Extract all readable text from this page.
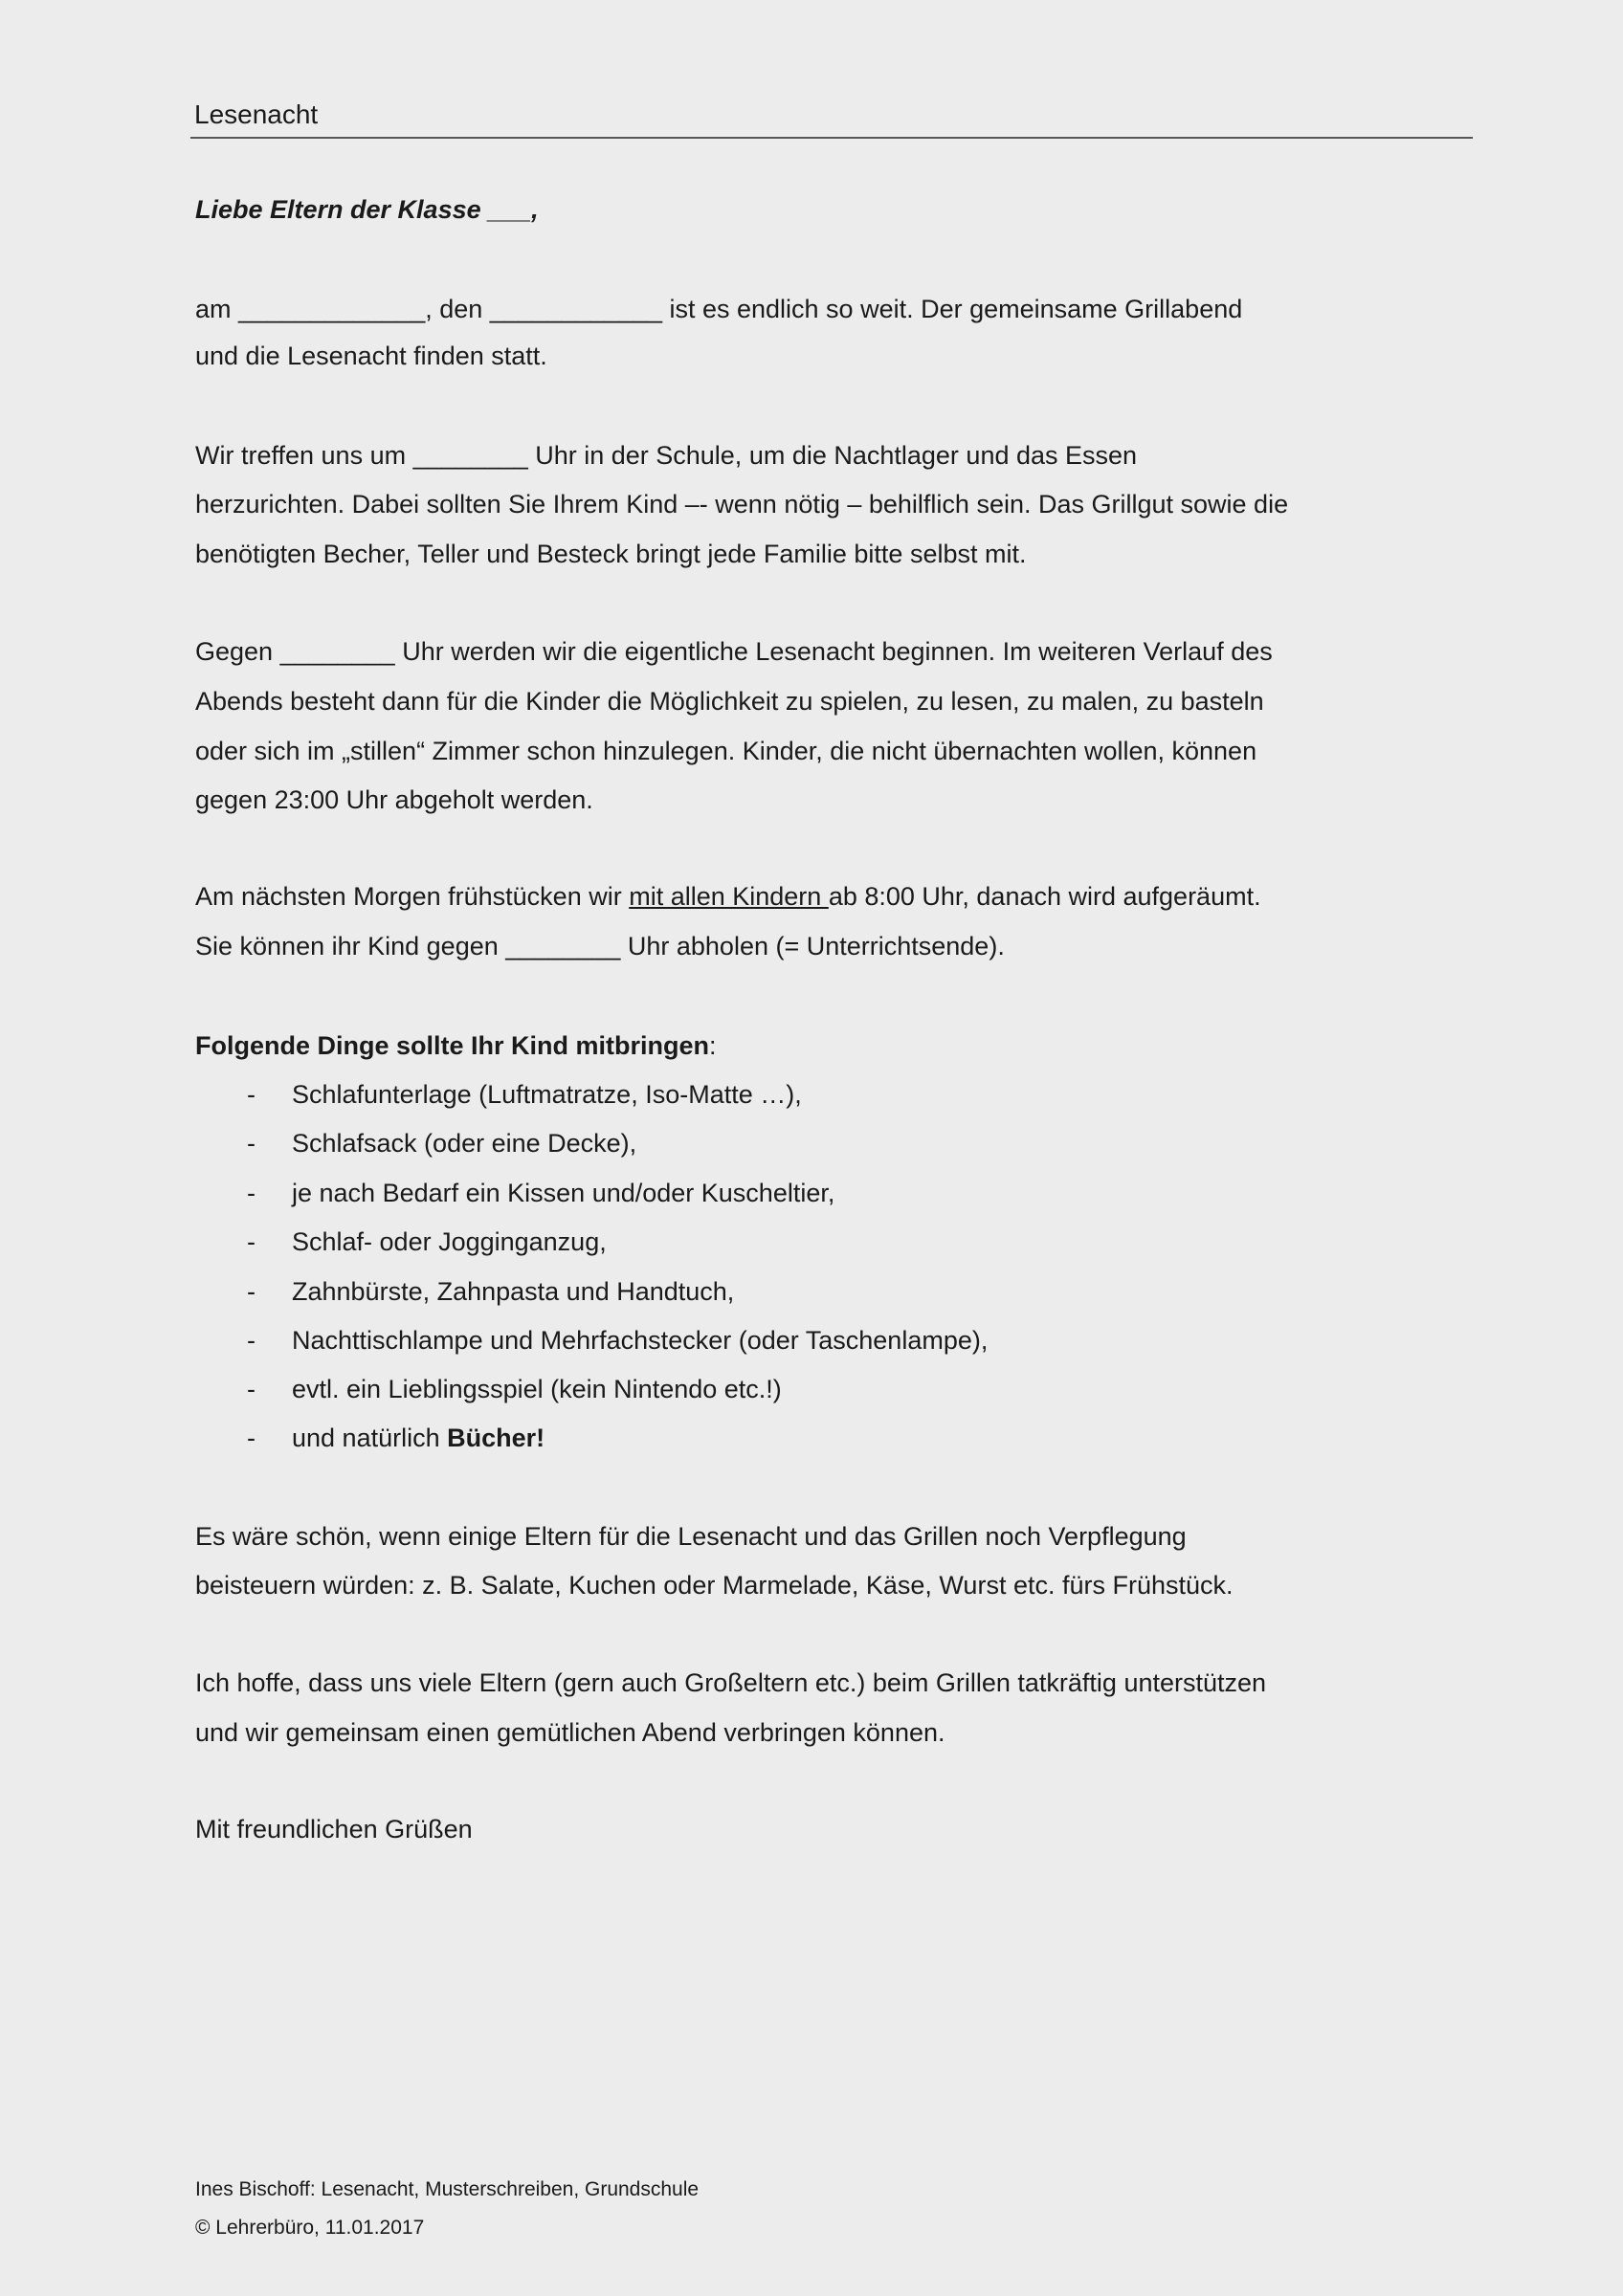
Lesenacht
Liebe Eltern der Klasse ___,
am _____________, den ____________ ist es endlich so weit. Der gemeinsame Grillabend
und die Lesenacht finden statt.
Wir treffen uns um ________ Uhr in der Schule, um die Nachtlager und das Essen
herzurichten. Dabei sollten Sie Ihrem Kind –- wenn nötig – behilflich sein. Das Grillgut sowie die
benötigten Becher, Teller und Besteck bringt jede Familie bitte selbst mit.
Gegen ________ Uhr werden wir die eigentliche Lesenacht beginnen. Im weiteren Verlauf des
Abends besteht dann für die Kinder die Möglichkeit zu spielen, zu lesen, zu malen, zu basteln
oder sich im „stillen“ Zimmer schon hinzulegen. Kinder, die nicht übernachten wollen, können
gegen 23:00 Uhr abgeholt werden.
Am nächsten Morgen frühstücken wir mit allen Kindern ab 8:00 Uhr, danach wird aufgeräumt.
Sie können ihr Kind gegen ________ Uhr abholen (= Unterrichtsende).
Folgende Dinge sollte Ihr Kind mitbringen:
- Schlafunterlage (Luftmatratze, Iso-Matte …),
- Schlafsack (oder eine Decke),
- je nach Bedarf ein Kissen und/oder Kuscheltier,
- Schlaf- oder Jogginganzug,
- Zahnbürste, Zahnpasta und Handtuch,
- Nachttischlampe und Mehrfachstecker (oder Taschenlampe),
- evtl. ein Lieblingsspiel (kein Nintendo etc.!)
- und natürlich Bücher!
Es wäre schön, wenn einige Eltern für die Lesenacht und das Grillen noch Verpflegung
beisteuern würden: z. B. Salate, Kuchen oder Marmelade, Käse, Wurst etc. fürs Frühstück.
Ich hoffe, dass uns viele Eltern (gern auch Großeltern etc.) beim Grillen tatkräftig unterstützen
und wir gemeinsam einen gemütlichen Abend verbringen können.
Mit freundlichen Grüßen
Ines Bischoff: Lesenacht, Musterschreiben, Grundschule
© Lehrerbüro, 11.01.2017
